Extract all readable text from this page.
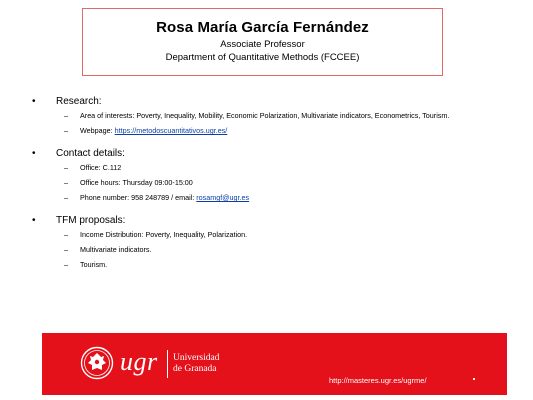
Rosa María García Fernández
Associate Professor
Department of Quantitative Methods (FCCEE)
•	Research:
–	Area of interests: Poverty, Inequality, Mobility, Economic Polarization, Multivariate indicators, Econometrics, Tourism.
–	Webpage: https://metodoscuantitativos.ugr.es/
•	Contact details:
–	Office: C.112
–	Office hours: Thursday 09:00-15:00
–	Phone number: 958 248789 / email: rosamgf@ugr.es
•	TFM proposals:
–	Income Distribution: Poverty, Inequality, Polarization.
–	Multivariate indicators.
–	Tourism.
ugr Universidad
de Granada
http://masteres.ugr.es/ugrme/
